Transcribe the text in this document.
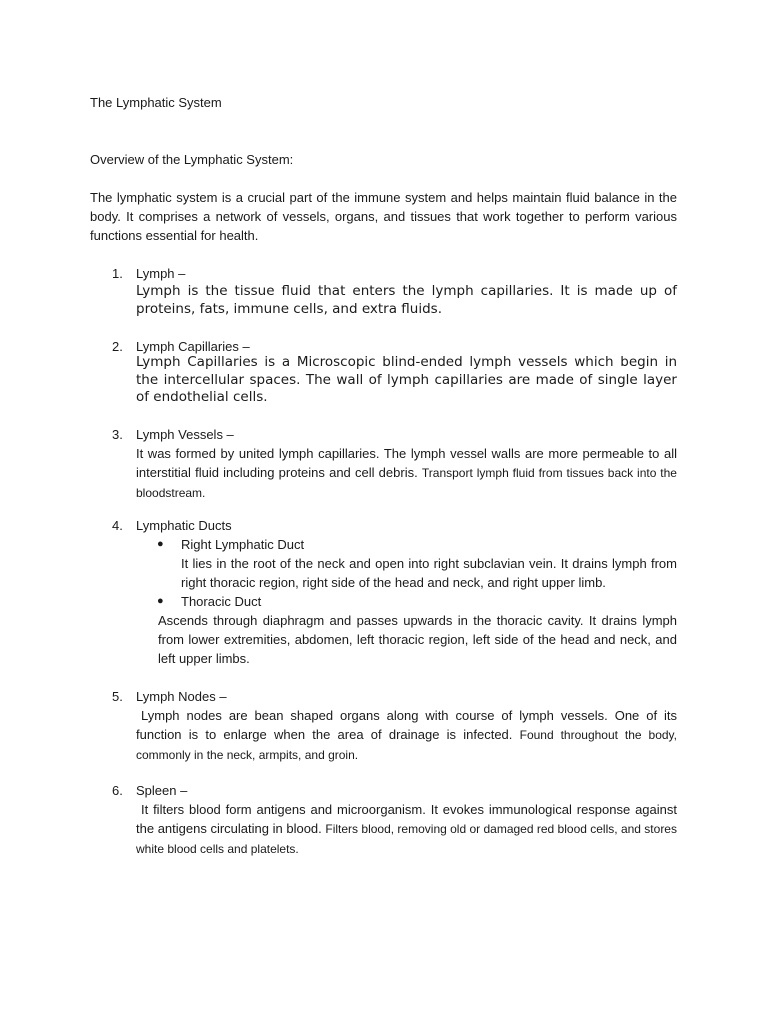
The Lymphatic System
Overview of the Lymphatic System:
The lymphatic system is a crucial part of the immune system and helps maintain fluid balance in the body. It comprises a network of vessels, organs, and tissues that work together to perform various functions essential for health.
1. Lymph –
Lymph is the tissue fluid that enters the lymph capillaries. It is made up of proteins, fats, immune cells, and extra fluids.
2. Lymph Capillaries –
Lymph Capillaries is a Microscopic blind-ended lymph vessels which begin in the intercellular spaces. The wall of lymph capillaries are made of single layer of endothelial cells.
3. Lymph Vessels –
It was formed by united lymph capillaries. The lymph vessel walls are more permeable to all interstitial fluid including proteins and cell debris. Transport lymph fluid from tissues back into the bloodstream.
4. Lymphatic Ducts
● Right Lymphatic Duct
It lies in the root of the neck and open into right subclavian vein. It drains lymph from right thoracic region, right side of the head and neck, and right upper limb.
● Thoracic Duct
Ascends through diaphragm and passes upwards in the thoracic cavity. It drains lymph from lower extremities, abdomen, left thoracic region, left side of the head and neck, and left upper limbs.
5. Lymph Nodes –
Lymph nodes are bean shaped organs along with course of lymph vessels. One of its function is to enlarge when the area of drainage is infected. Found throughout the body, commonly in the neck, armpits, and groin.
6. Spleen –
It filters blood form antigens and microorganism. It evokes immunological response against the antigens circulating in blood. Filters blood, removing old or damaged red blood cells, and stores white blood cells and platelets.
